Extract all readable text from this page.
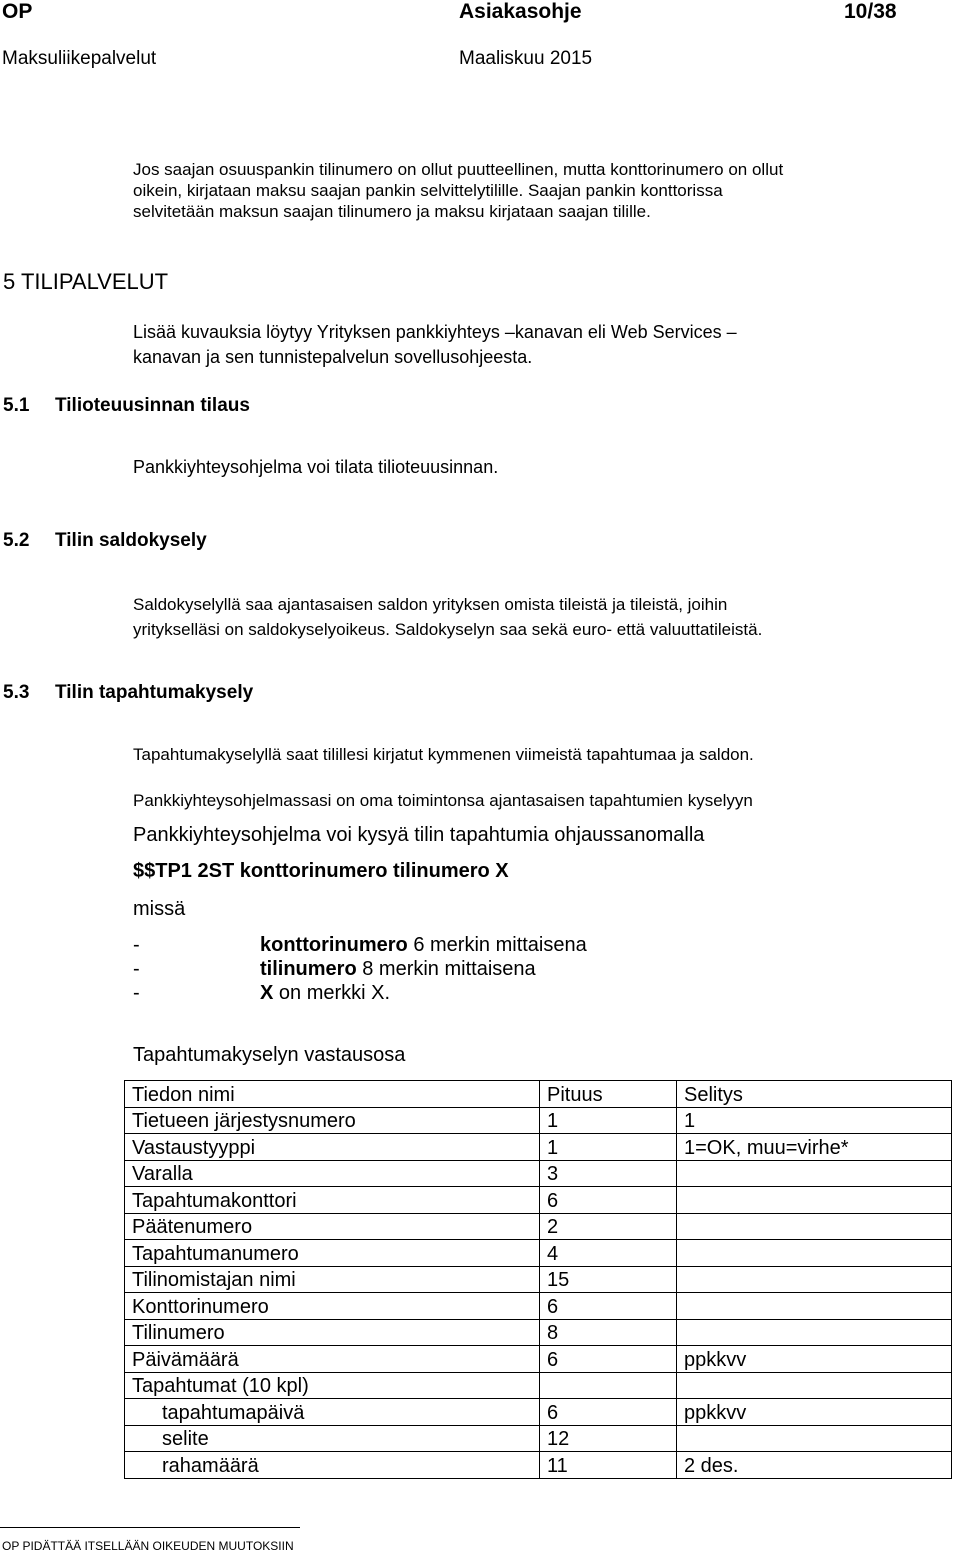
OP	Asiakasohje	10/38
Maksuliikepalvelut	Maaliskuu 2015
Jos saajan osuuspankin tilinumero on ollut puutteellinen, mutta konttorinumero on ollut
oikein, kirjataan maksu saajan pankin selvittelytilille. Saajan pankin konttorissa
selvitetään maksun saajan tilinumero ja maksu kirjataan saajan tilille.
5 TILIPALVELUT
Lisää kuvauksia löytyy Yrityksen pankkiyhteys –kanavan eli Web Services –
kanavan ja sen tunnistepalvelun sovellusohjeesta.
5.1 Tilioteuusinnan tilaus
Pankkiyhteysohjelma voi tilata tilioteuusinnan.
5.2 Tilin saldokysely
Saldokyselyllä saa ajantasaisen saldon yrityksen omista tileistä ja tileistä, joihin
yritykselläsi on saldokyselyoikeus. Saldokyselyn saa sekä euro- että valuuttatileistä.
5.3 Tilin tapahtumakysely
Tapahtumakyselyllä saat tilillesi kirjatut kymmenen viimeistä tapahtumaa ja saldon.
Pankkiyhteysohjelmassasi on oma toimintonsa ajantasaisen tapahtumien kyselyyn
Pankkiyhteysohjelma voi kysyä tilin tapahtumia ohjaussanomalla
$$TP1 2ST konttorinumero tilinumero X
missä
-	konttorinumero 6 merkin mittaisena
-	tilinumero 8 merkin mittaisena
-	X on merkki X.
Tapahtumakyselyn vastausosa
Tiedon nimi	Pituus	Selitys
Tietueen järjestysnumero	1	1
Vastaustyyppi	1	1=OK, muu=virhe*
Varalla	3	
Tapahtumakonttori	6	
Päätenumero	2	
Tapahtumanumero	4	
Tilinomistajan nimi	15	
Konttorinumero	6	
Tilinumero	8	
Päivämäärä	6	ppkkvv
Tapahtumat (10 kpl)		
tapahtumapäivä	6	ppkkvv
selite	12	
rahamäärä	11	2 des.
OP PIDÄTTÄÄ ITSELLÄÄN OIKEUDEN MUUTOKSIIN
